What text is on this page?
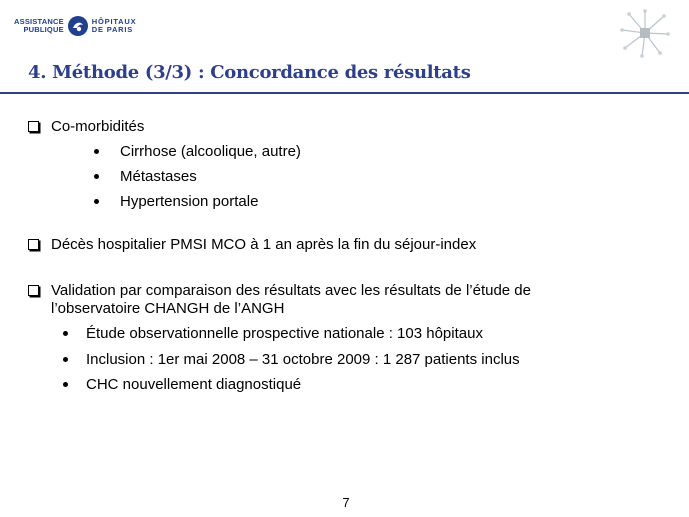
ASSISTANCE
PUBLIQUE
HÔPITAUX
DE PARIS
4. Méthode (3/3) : Concordance des résultats
Co-morbidités
Cirrhose (alcoolique, autre)
Métastases
Hypertension portale
Décès hospitalier PMSI MCO à 1 an après la fin du séjour-index
Validation par comparaison des résultats avec les résultats de l’étude de
l’observatoire CHANGH de l’ANGH
Étude observationnelle prospective nationale : 103 hôpitaux
Inclusion : 1er mai 2008 – 31 octobre 2009 : 1 287 patients inclus
CHC nouvellement diagnostiqué
7
